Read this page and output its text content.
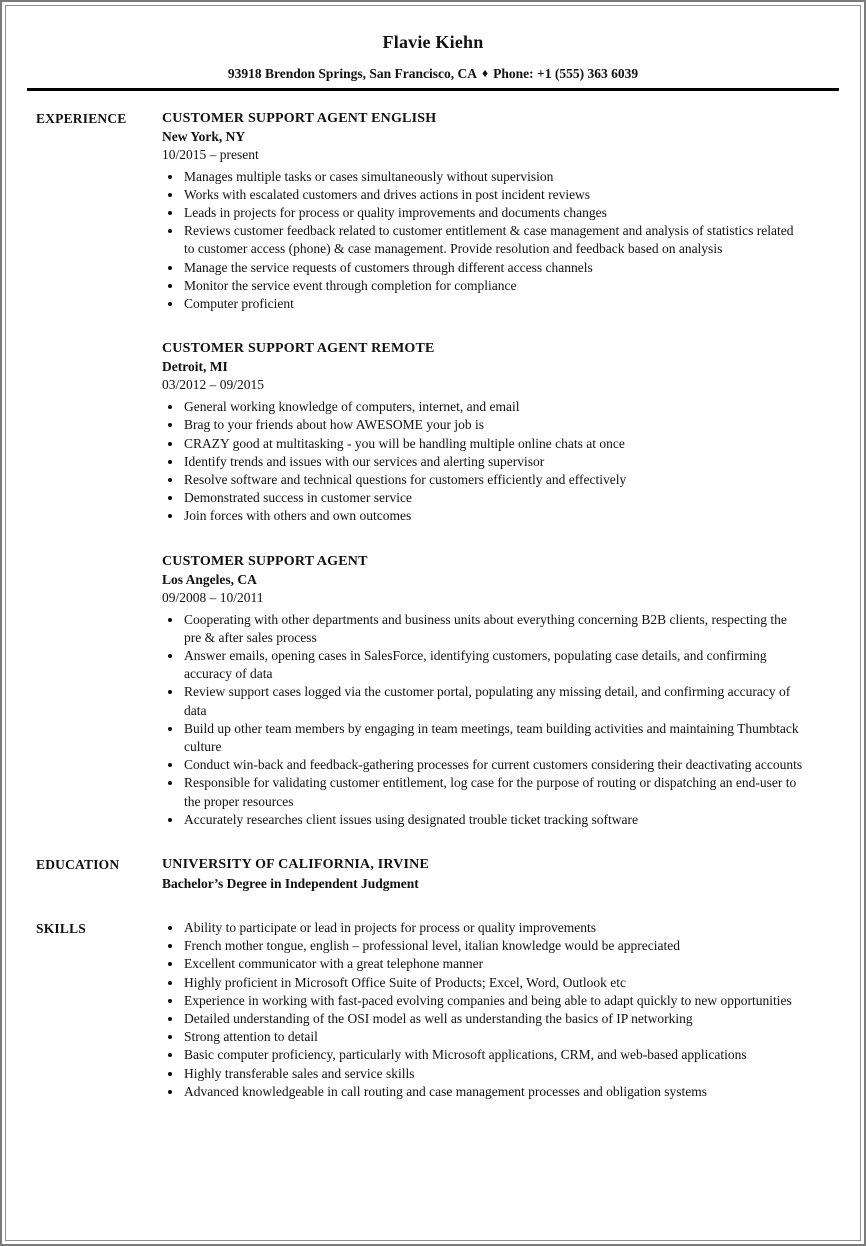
Flavie Kiehn
93918 Brendon Springs, San Francisco, CA ♦ Phone: +1 (555) 363 6039
EXPERIENCE	CUSTOMER SUPPORT AGENT ENGLISH
New York, NY
10/2015 – present
• Manages multiple tasks or cases simultaneously without supervision
• Works with escalated customers and drives actions in post incident reviews
• Leads in projects for process or quality improvements and documents changes
• Reviews customer feedback related to customer entitlement & case management and analysis of statistics related to customer access (phone) & case management. Provide resolution and feedback based on analysis
• Manage the service requests of customers through different access channels
• Monitor the service event through completion for compliance
• Computer proficient
CUSTOMER SUPPORT AGENT REMOTE
Detroit, MI
03/2012 – 09/2015
• General working knowledge of computers, internet, and email
• Brag to your friends about how AWESOME your job is
• CRAZY good at multitasking - you will be handling multiple online chats at once
• Identify trends and issues with our services and alerting supervisor
• Resolve software and technical questions for customers efficiently and effectively
• Demonstrated success in customer service
• Join forces with others and own outcomes
CUSTOMER SUPPORT AGENT
Los Angeles, CA
09/2008 – 10/2011
• Cooperating with other departments and business units about everything concerning B2B clients, respecting the pre & after sales process
• Answer emails, opening cases in SalesForce, identifying customers, populating case details, and confirming accuracy of data
• Review support cases logged via the customer portal, populating any missing detail, and confirming accuracy of data
• Build up other team members by engaging in team meetings, team building activities and maintaining Thumbtack culture
• Conduct win-back and feedback-gathering processes for current customers considering their deactivating accounts
• Responsible for validating customer entitlement, log case for the purpose of routing or dispatching an end-user to the proper resources
• Accurately researches client issues using designated trouble ticket tracking software
EDUCATION	UNIVERSITY OF CALIFORNIA, IRVINE
Bachelor’s Degree in Independent Judgment
SKILLS	• Ability to participate or lead in projects for process or quality improvements
• French mother tongue, english – professional level, italian knowledge would be appreciated
• Excellent communicator with a great telephone manner
• Highly proficient in Microsoft Office Suite of Products; Excel, Word, Outlook etc
• Experience in working with fast-paced evolving companies and being able to adapt quickly to new opportunities
• Detailed understanding of the OSI model as well as understanding the basics of IP networking
• Strong attention to detail
• Basic computer proficiency, particularly with Microsoft applications, CRM, and web-based applications
• Highly transferable sales and service skills
• Advanced knowledgeable in call routing and case management processes and obligation systems
